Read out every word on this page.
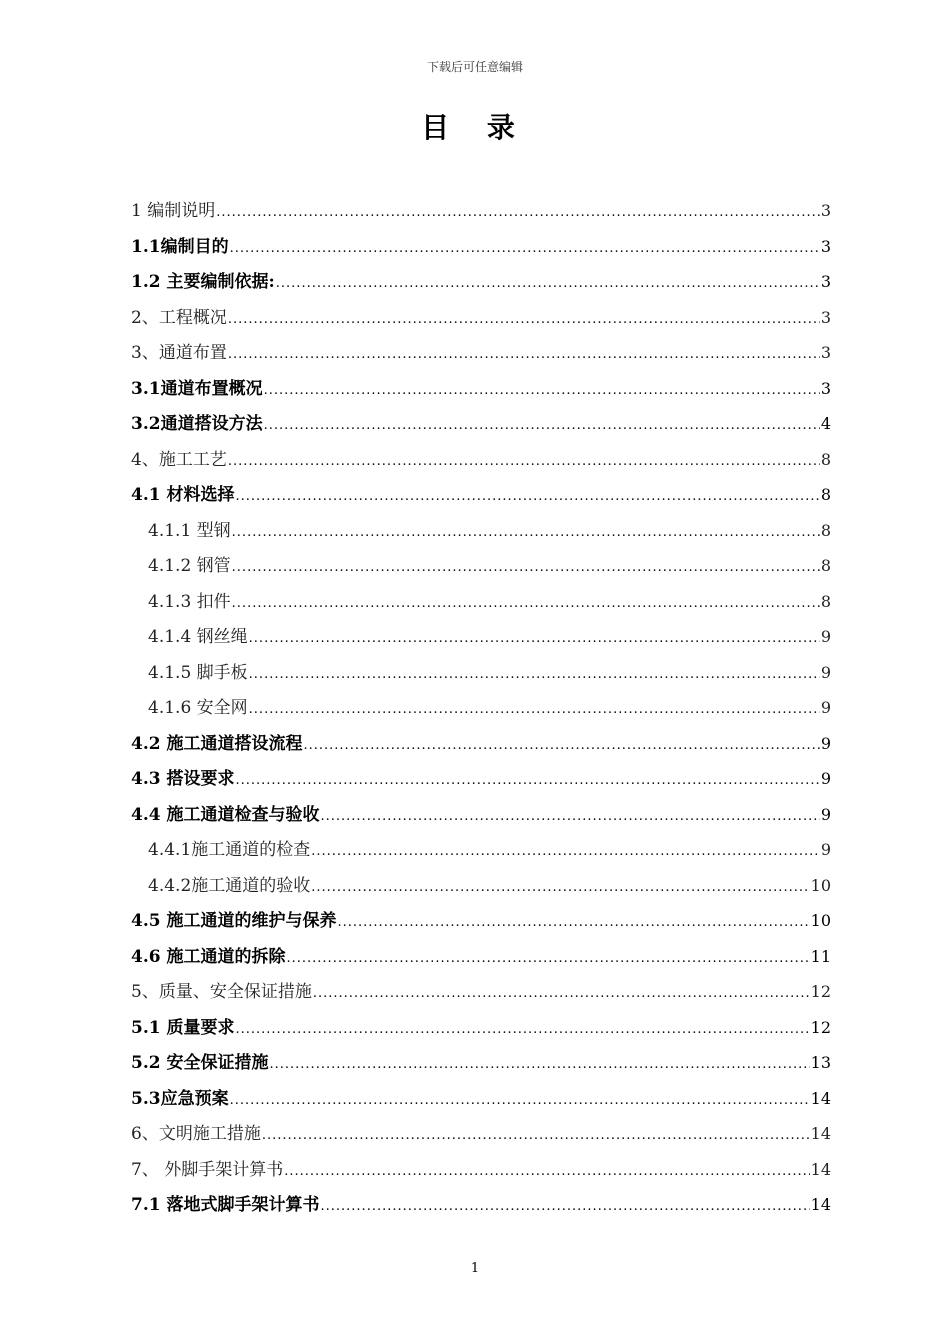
下载后可任意编辑
目 录
1 编制说明 .....	3
1.1编制目的 .....	3
1.2 主要编制依据: .....	3
2、工程概况 .....	3
3、通道布置 .....	3
3.1通道布置概况 .....	3
3.2通道搭设方法 .....	4
4、施工工艺 .....	8
4.1 材料选择 .....	8
4.1.1 型钢 .....	8
4.1.2 钢管 .....	8
4.1.3 扣件 .....	8
4.1.4 钢丝绳 .....	9
4.1.5 脚手板 .....	9
4.1.6 安全网 .....	9
4.2 施工通道搭设流程 .....	9
4.3 搭设要求 .....	9
4.4 施工通道检查与验收 .....	9
4.4.1施工通道的检查 .....	9
4.4.2施工通道的验收 .....	10
4.5 施工通道的维护与保养 .....	10
4.6 施工通道的拆除 .....	11
5、质量、安全保证措施 .....	12
5.1 质量要求 .....	12
5.2 安全保证措施 .....	13
5.3应急预案 .....	14
6、文明施工措施 .....	14
7、 外脚手架计算书 .....	14
7.1 落地式脚手架计算书 .....	14
1
